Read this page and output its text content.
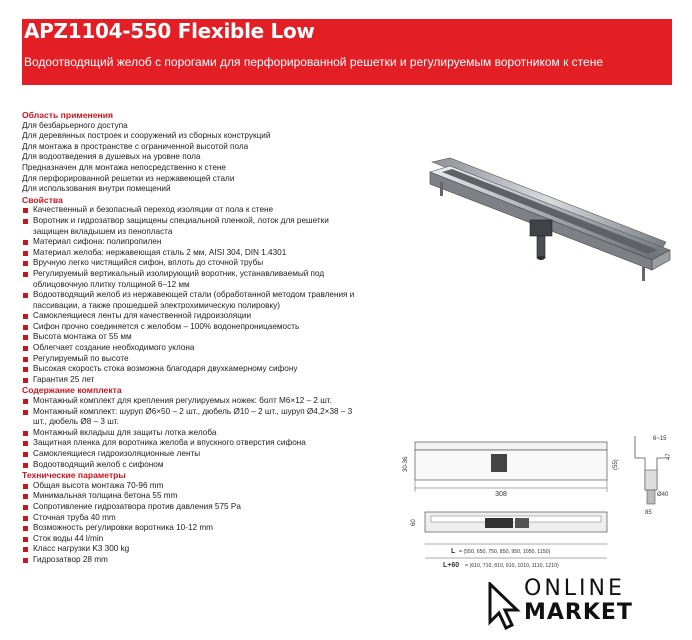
APZ1104-550 Flexible Low
Водоотводящий желоб с порогами для перфорированной решетки и регулируемым воротником к стене
Область применения
Для безбарьерного доступа
Для деревянных построек и сооружений из сборных конструкций
Для монтажа в пространстве с ограниченной высотой пола
Для водоотведения в душевых на уровне пола
Предназначен для монтажа непосредственно к стене
Для перфорированной решетки из нержавеющей стали
Для использования внутри помещений
Свойства
Качественный и безопасный переход изоляции от пола к стене
Воротник и гидрозатвор защищены специальной пленкой, лоток для решетки защищен вкладышем из пенопласта
Материал сифона: полипропилен
Материал желоба: нержавеющая сталь 2 мм, AISI 304, DIN 1.4301
Вручную легко чистящийся сифон, вплоть до сточной трубы
Регулируемый вертикальный изолирующий воротник, устанавливаемый под облицовочную плитку толщиной 6–12 мм
Водоотводящий желоб из нержавеющей стали (обработанной методом травления и пассивации, а также прошедшей электрохимическую полировку)
Самоклеящиеся ленты для качественной гидроизоляции
Сифон прочно соединяется с желобом – 100% водонепроницаемость
Высота монтажа от 55 мм
Облегчает создание необходимого уклона
Регулируемый по высоте
Высокая скорость стока возможна благодаря двухкамерному сифону
Гарантия 25 лет
Содержание комплекта
Монтажный комплект для крепления регулируемых ножек: болт М6×12 – 2 шт.
Монтажный комплект: шуруп Ø6×50 – 2 шт., дюбель Ø10 – 2 шт., шуруп Ø4,2×38 – 3 шт., дюбель Ø8 – 3 шт.
Монтажный вкладыш для защиты лотка желоба
Защитная пленка для воротника желоба и впускного отверстия сифона
Самоклеящиеся гидроизоляционные ленты
Водоотводящий желоб с сифоном
Технические параметры
Общая высота монтажа 70-96 mm
Минимальная толщина бетона 55 mm
Сопротивление гидрозатвора против давления 575 Pa
Сточная труба 40 mm
Возможность регулировки воротника 10-12 mm
Сток воды 44 l/min
Класс нагрузки K3 300 kg
Гидрозатвор 28 mm
308
30-36	(55)
6~15
47
85
Ø40
60
L = (550, 650, 750, 850, 950, 1050, 1150)
L+60 = (610, 710, 810, 910, 1010, 1110, 1210)
ONLINE
MARKET
